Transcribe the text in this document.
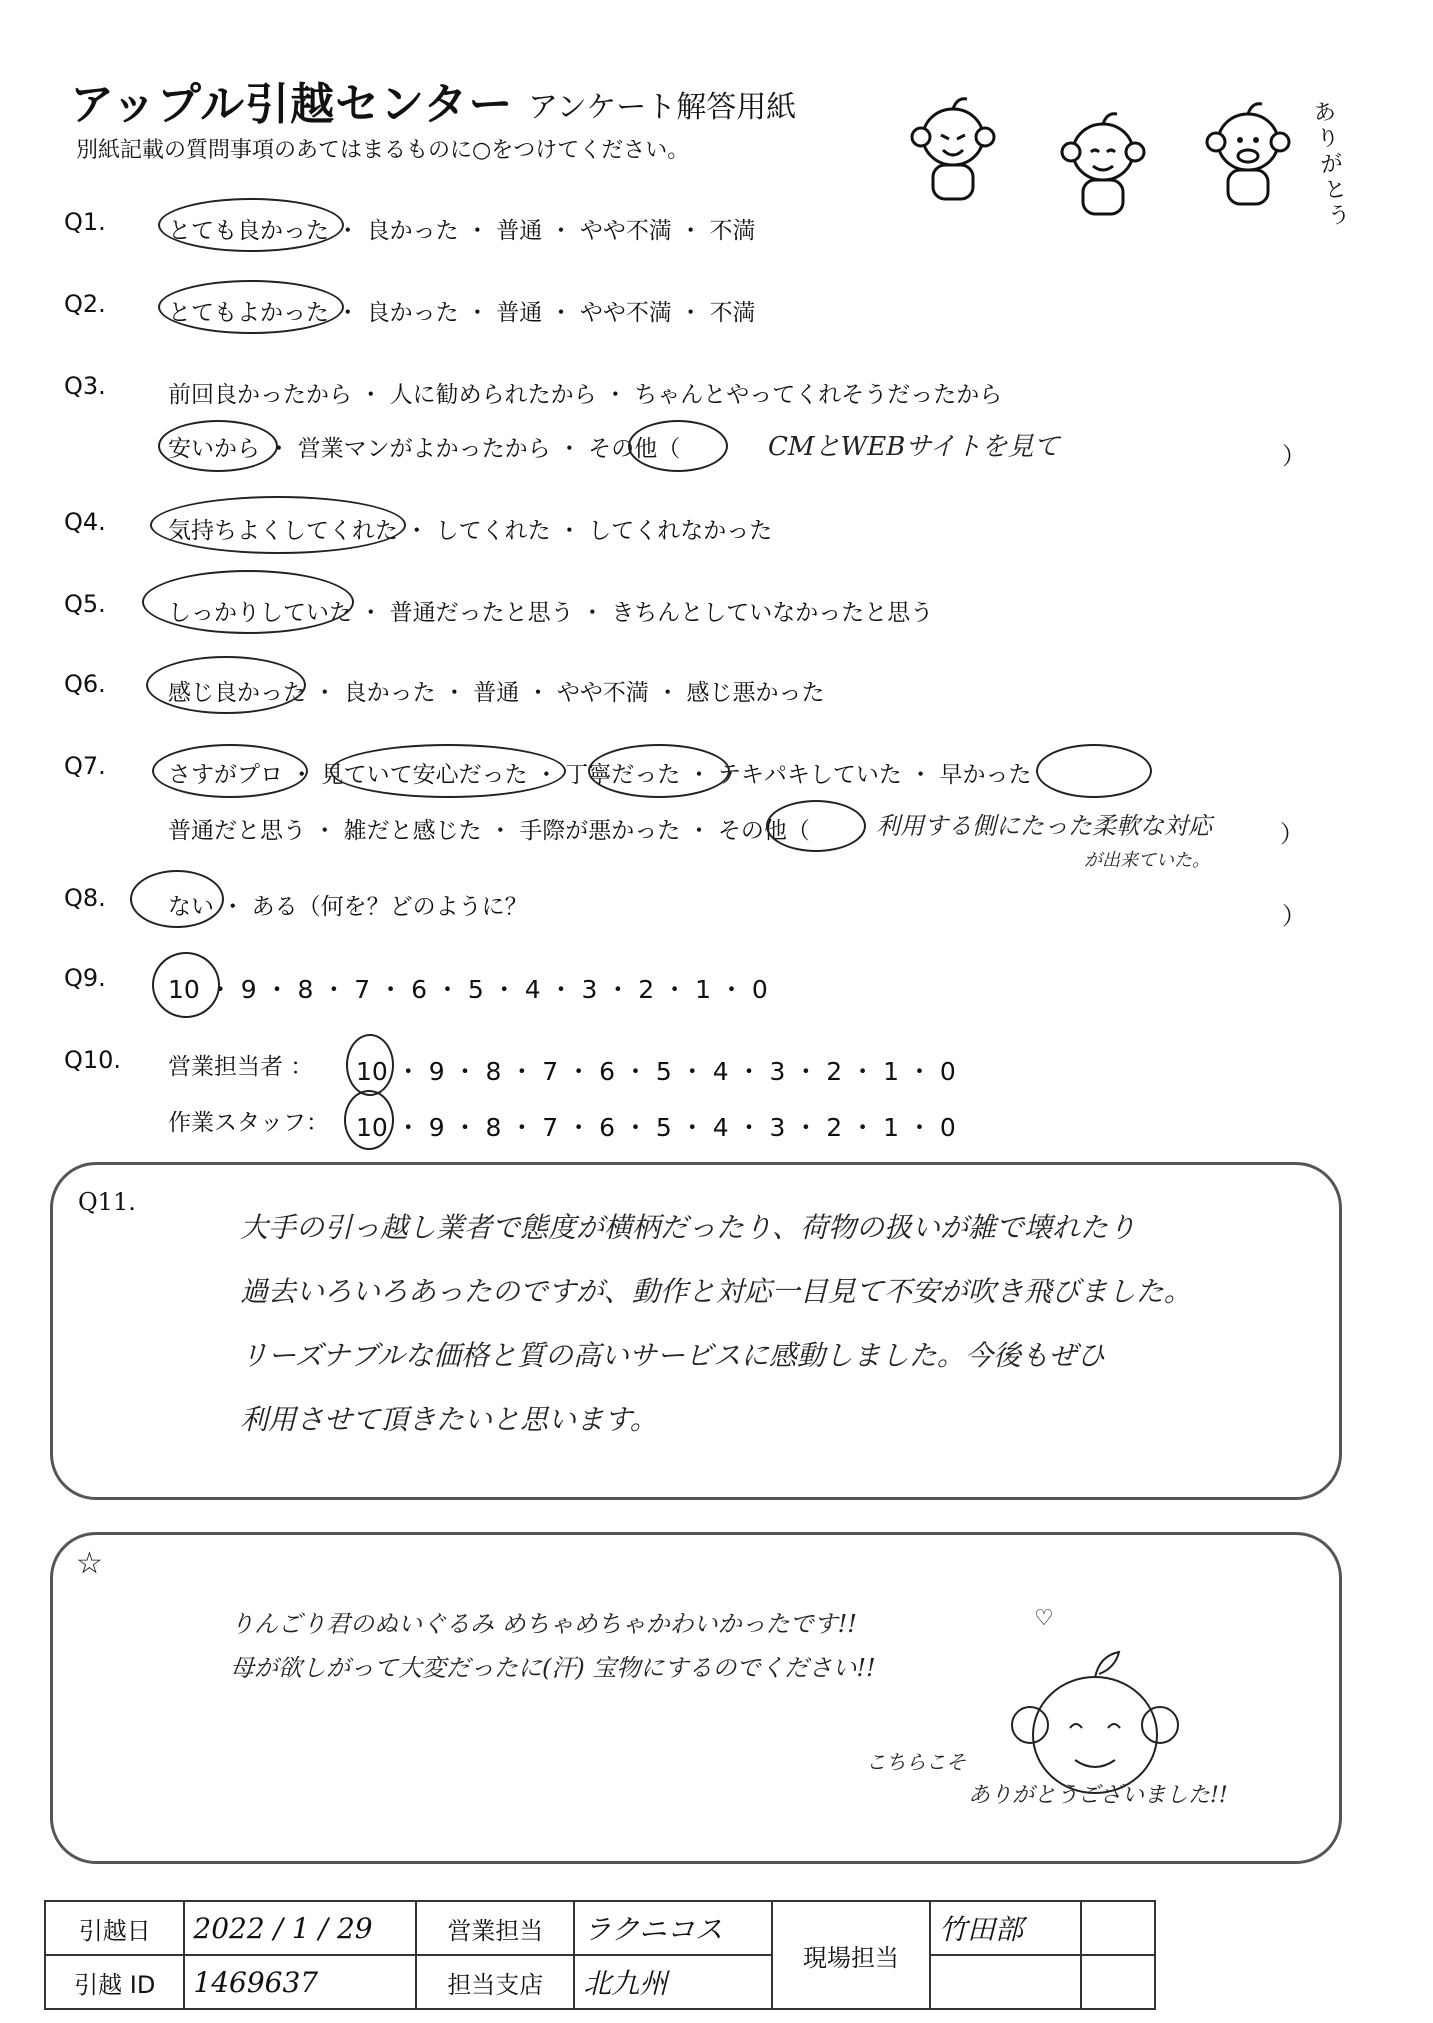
アップル引越センター アンケート解答用紙
別紙記載の質問事項のあてはまるものに○をつけてください。
ありがとう
Q1.	とても良かった ・ 良かった ・ 普通 ・ やや不満 ・ 不満
Q2.	とてもよかった ・ 良かった ・ 普通 ・ やや不満 ・ 不満
Q3.	前回良かったから ・ 人に勧められたから ・ ちゃんとやってくれそうだったから
安いから ・ 営業マンがよかったから ・ その他（	CMとWEBサイトを見て	）
Q4.	気持ちよくしてくれた ・ してくれた ・ してくれなかった
Q5.	しっかりしていた ・ 普通だったと思う ・ きちんとしていなかったと思う
Q6.	感じ良かった ・ 良かった ・ 普通 ・ やや不満 ・ 感じ悪かった
Q7.	さすがプロ ・ 見ていて安心だった ・ 丁寧だった ・ テキパキしていた ・ 早かった
普通だと思う ・ 雑だと感じた ・ 手際が悪かった ・ その他（	利用する側にたった柔軟な対応
が出来ていた。
）
Q8.	ない ・ ある（何を？どのように？	）
Q9. 10 ・ 9 ・ 8 ・ 7 ・ 6 ・ 5 ・ 4 ・ 3 ・ 2 ・ 1 ・ 0
Q10. 営業担当者 ： 10 ・ 9 ・ 8 ・ 7 ・ 6 ・ 5 ・ 4 ・ 3 ・ 2 ・ 1 ・ 0
作業スタッフ： 10 ・ 9 ・ 8 ・ 7 ・ 6 ・ 5 ・ 4 ・ 3 ・ 2 ・ 1 ・ 0
Q11.
大手の引っ越し業者で態度が横柄だったり、荷物の扱いが雑で壊れたり
過去いろいろあったのですが、動作と対応一目見て不安が吹き飛びました。
リーズナブルな価格と質の高いサービスに感動しました。今後もぜひ
利用させて頂きたいと思います。
☆
りんごり君のぬいぐるみ めちゃめちゃかわいかったです!!
母が欲しがって大変だったに(汗) 宝物にするのでください!!
♡
こちらこそ
ありがとうございました!!
引越日	2022 / 1 / 29	営業担当	ラクニコス	現場担当	竹田部	
引越 ID	1469637	担当支店	北九州			
